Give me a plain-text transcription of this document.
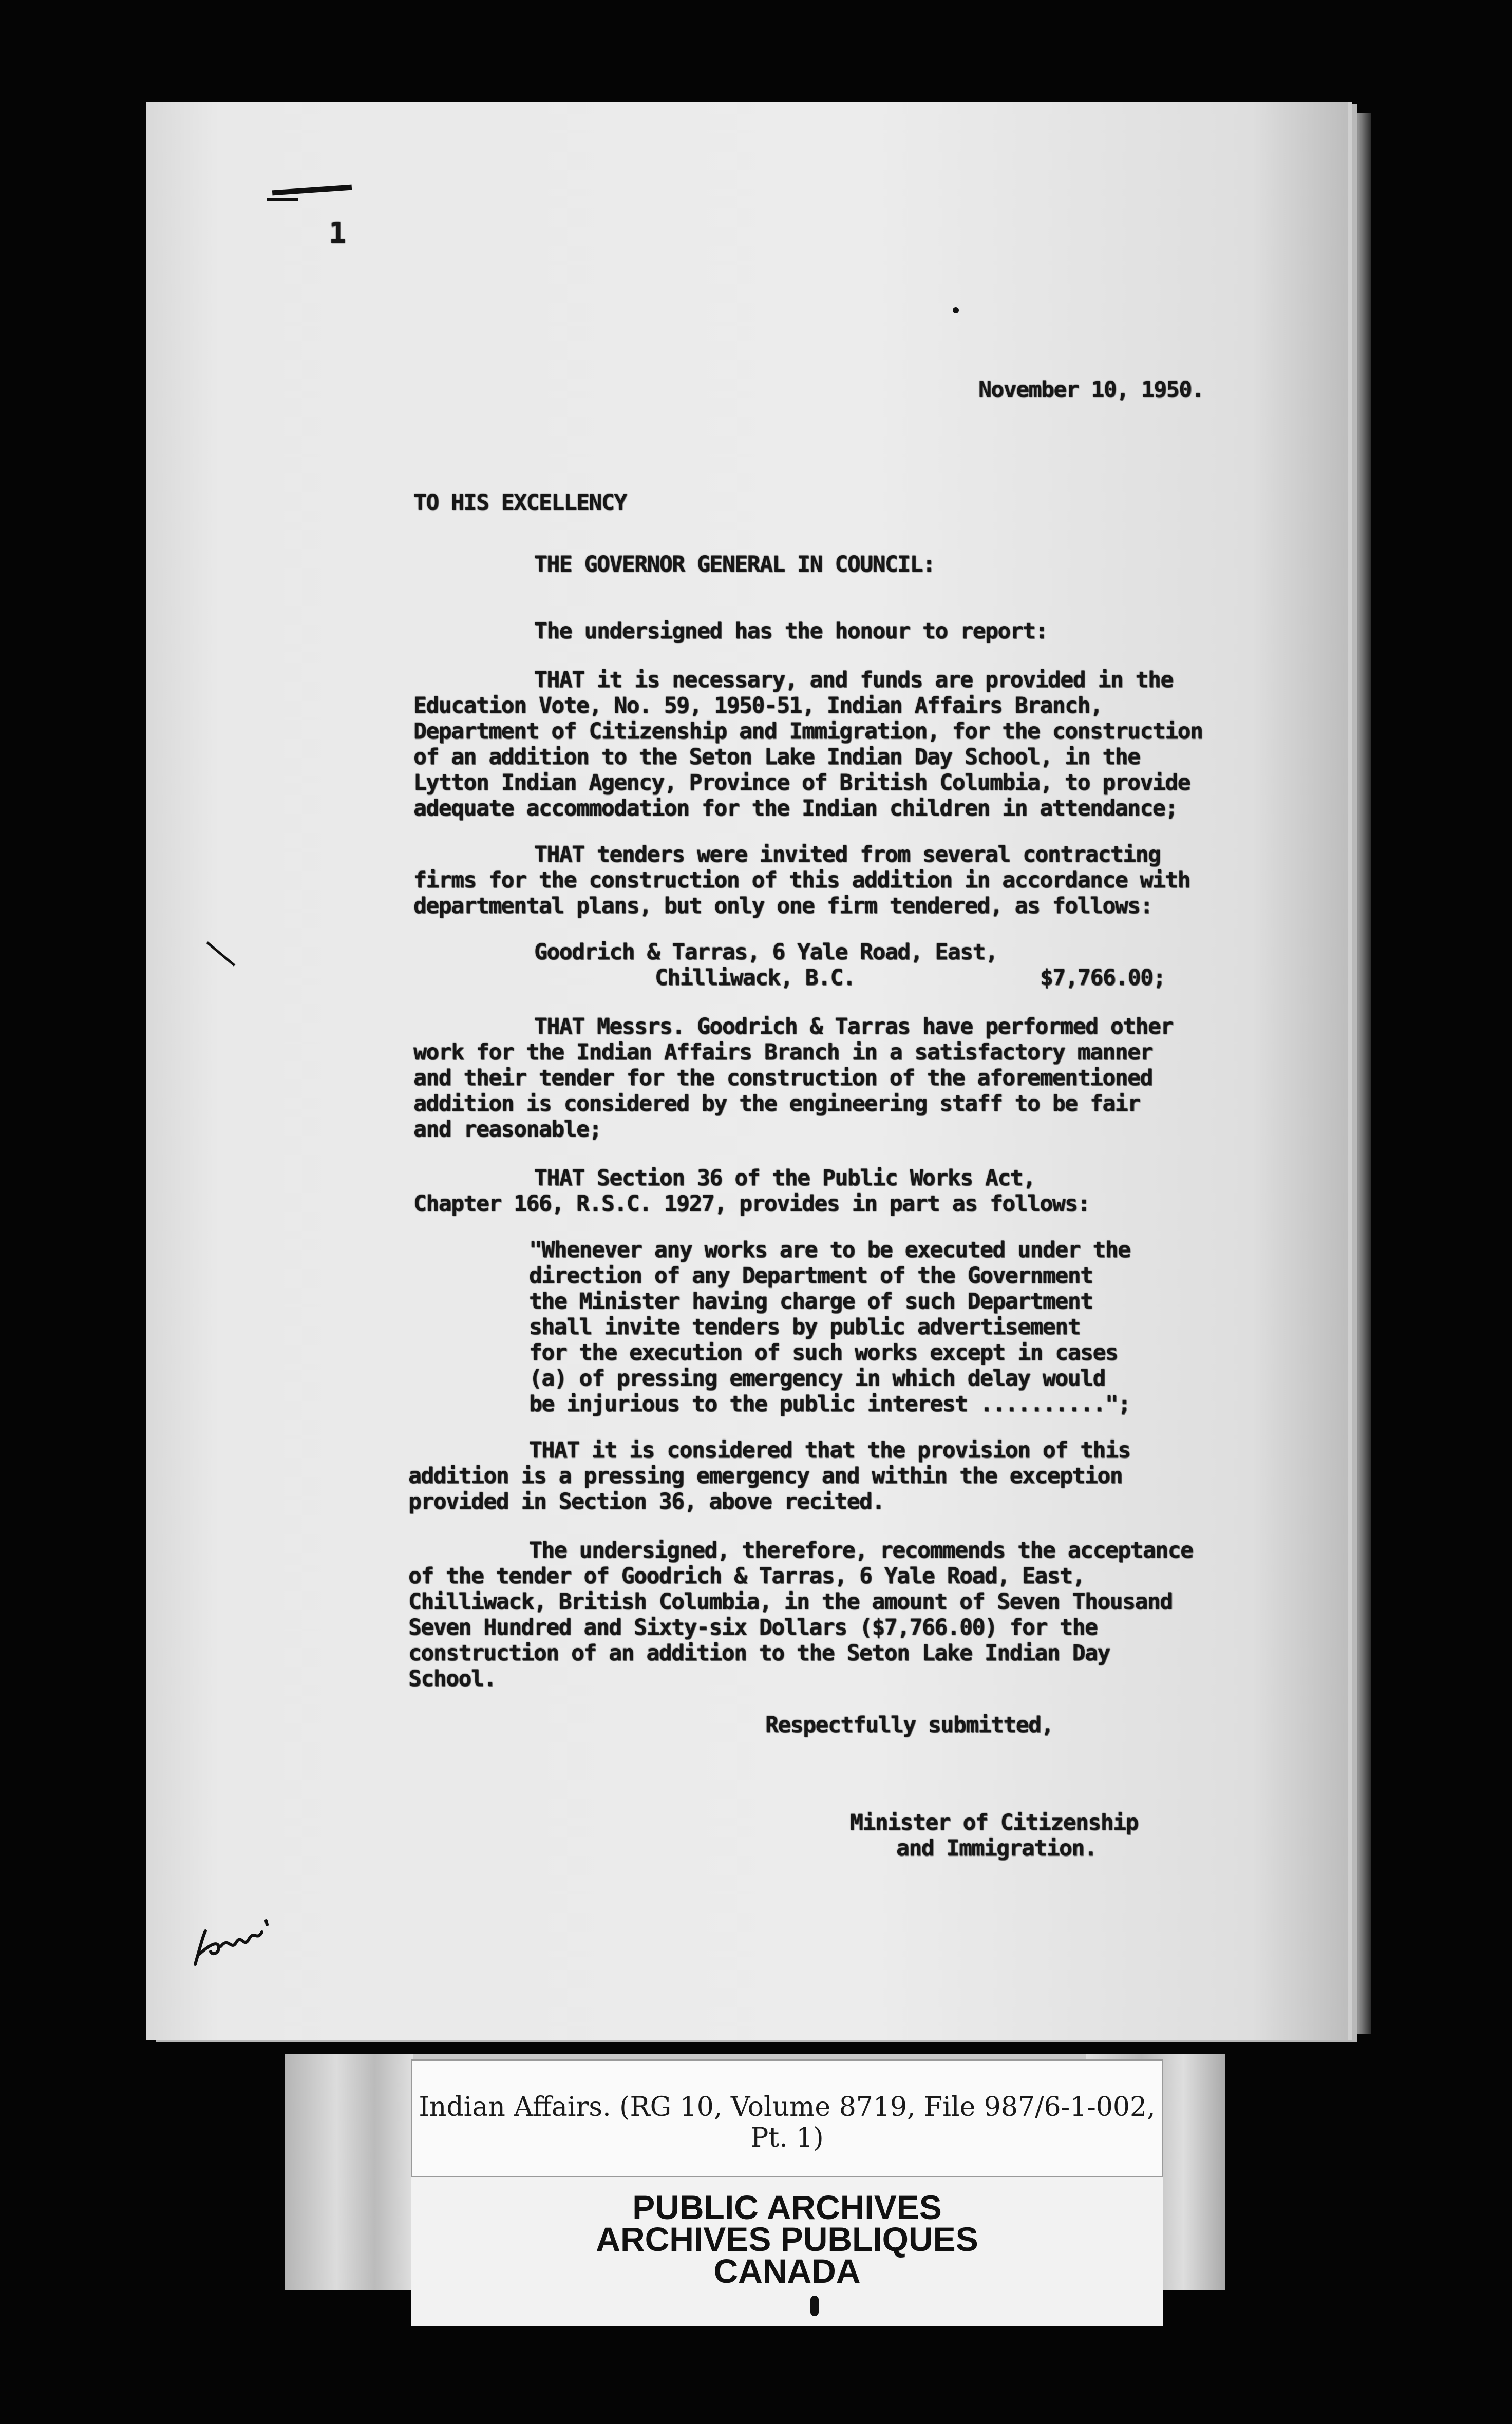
1
November 10, 1950.
TO HIS EXCELLENCY
THE GOVERNOR GENERAL IN COUNCIL:
The undersigned has the honour to report:
THAT it is necessary, and funds are provided in the
Education Vote, No. 59, 1950-51, Indian Affairs Branch,
Department of Citizenship and Immigration, for the construction
of an addition to the Seton Lake Indian Day School, in the
Lytton Indian Agency, Province of British Columbia, to provide
adequate accommodation for the Indian children in attendance;
THAT tenders were invited from several contracting
firms for the construction of this addition in accordance with
departmental plans, but only one firm tendered, as follows:
Goodrich & Tarras, 6 Yale Road, East,
Chilliwack, B.C.	$7,766.00;
THAT Messrs. Goodrich & Tarras have performed other
work for the Indian Affairs Branch in a satisfactory manner
and their tender for the construction of the aforementioned
addition is considered by the engineering staff to be fair
and reasonable;
THAT Section 36 of the Public Works Act,
Chapter 166, R.S.C. 1927, provides in part as follows:
"Whenever any works are to be executed under the
direction of any Department of the Government
the Minister having charge of such Department
shall invite tenders by public advertisement
for the execution of such works except in cases
(a) of pressing emergency in which delay would
be injurious to the public interest ..........";
THAT it is considered that the provision of this
addition is a pressing emergency and within the exception
provided in Section 36, above recited.
The undersigned, therefore, recommends the acceptance
of the tender of Goodrich & Tarras, 6 Yale Road, East,
Chilliwack, British Columbia, in the amount of Seven Thousand
Seven Hundred and Sixty-six Dollars ($7,766.00) for the
construction of an addition to the Seton Lake Indian Day
School.
Respectfully submitted,
Minister of Citizenship
and Immigration.
Indian Affairs. (RG 10, Volume 8719, File 987/6-1-002, Pt. 1)
PUBLIC ARCHIVES
ARCHIVES PUBLIQUES
CANADA
